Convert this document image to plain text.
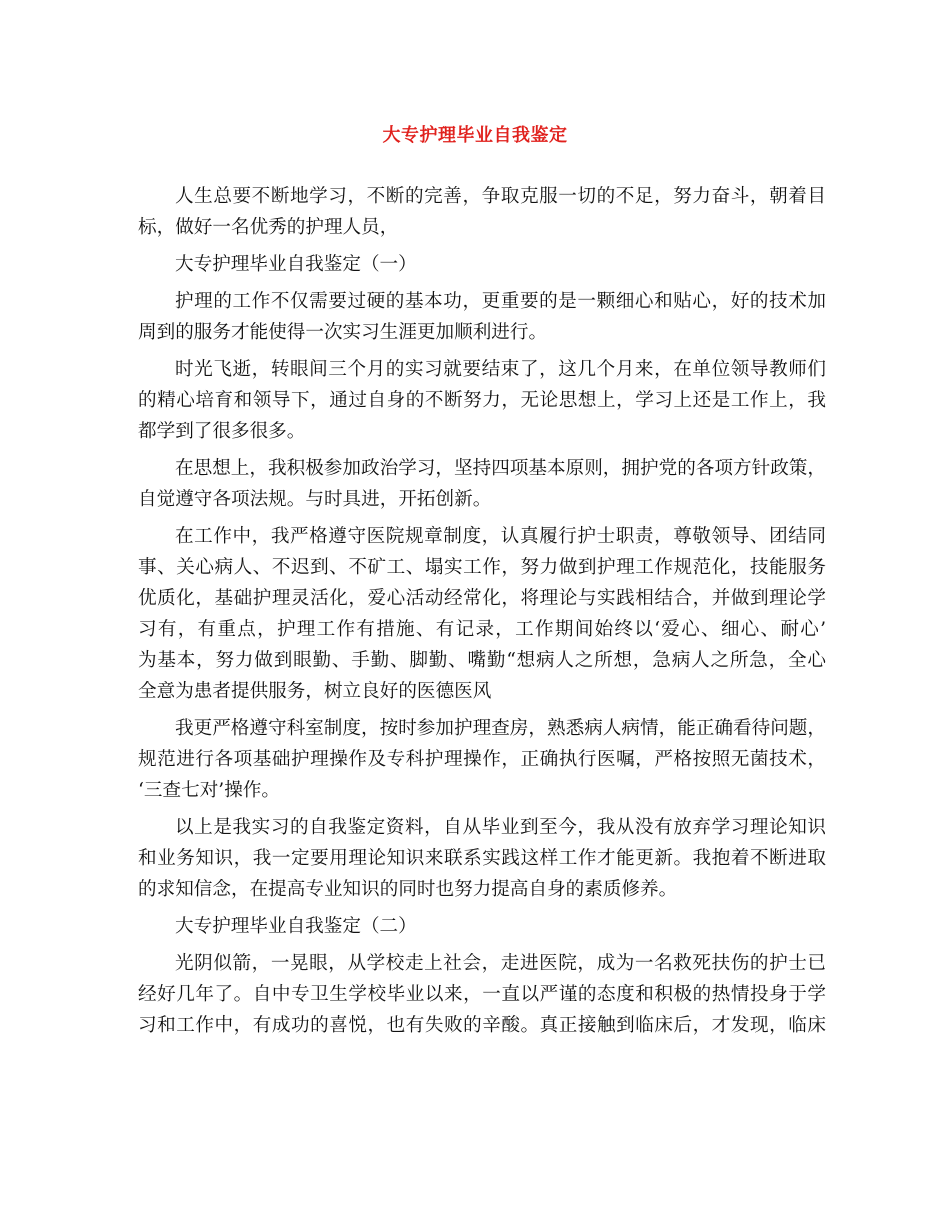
大专护理毕业自我鉴定
人生总要不断地学习，不断的完善，争取克服一切的不足，努力奋斗，朝着目
标，做好一名优秀的护理人员，
大专护理毕业自我鉴定（一）
护理的工作不仅需要过硬的基本功，更重要的是一颗细心和贴心，好的技术加
周到的服务才能使得一次实习生涯更加顺利进行。
时光飞逝，转眼间三个月的实习就要结束了，这几个月来，在单位领导教师们
的精心培育和领导下，通过自身的不断努力，无论思想上，学习上还是工作上，我
都学到了很多很多。
在思想上，我积极参加政治学习，坚持四项基本原则，拥护党的各项方针政策，
自觉遵守各项法规。与时具进，开拓创新。
在工作中，我严格遵守医院规章制度，认真履行护士职责，尊敬领导、团结同
事、关心病人、不迟到、不矿工、塌实工作，努力做到护理工作规范化，技能服务
优质化，基础护理灵活化，爱心活动经常化，将理论与实践相结合，并做到理论学
习有，有重点，护理工作有措施、有记录，工作期间始终以‘爱心、细心、耐心’
为基本，努力做到眼勤、手勤、脚勤、嘴勤“想病人之所想，急病人之所急，全心
全意为患者提供服务，树立良好的医德医风
我更严格遵守科室制度，按时参加护理查房，熟悉病人病情，能正确看待问题，
规范进行各项基础护理操作及专科护理操作，正确执行医嘱，严格按照无菌技术，
‘三查七对’操作。
以上是我实习的自我鉴定资料，自从毕业到至今，我从没有放弃学习理论知识
和业务知识，我一定要用理论知识来联系实践这样工作才能更新。我抱着不断进取
的求知信念，在提高专业知识的同时也努力提高自身的素质修养。
大专护理毕业自我鉴定（二）
光阴似箭，一晃眼，从学校走上社会，走进医院，成为一名救死扶伤的护士已
经好几年了。自中专卫生学校毕业以来，一直以严谨的态度和积极的热情投身于学
习和工作中，有成功的喜悦，也有失败的辛酸。真正接触到临床后，才发现，临床
